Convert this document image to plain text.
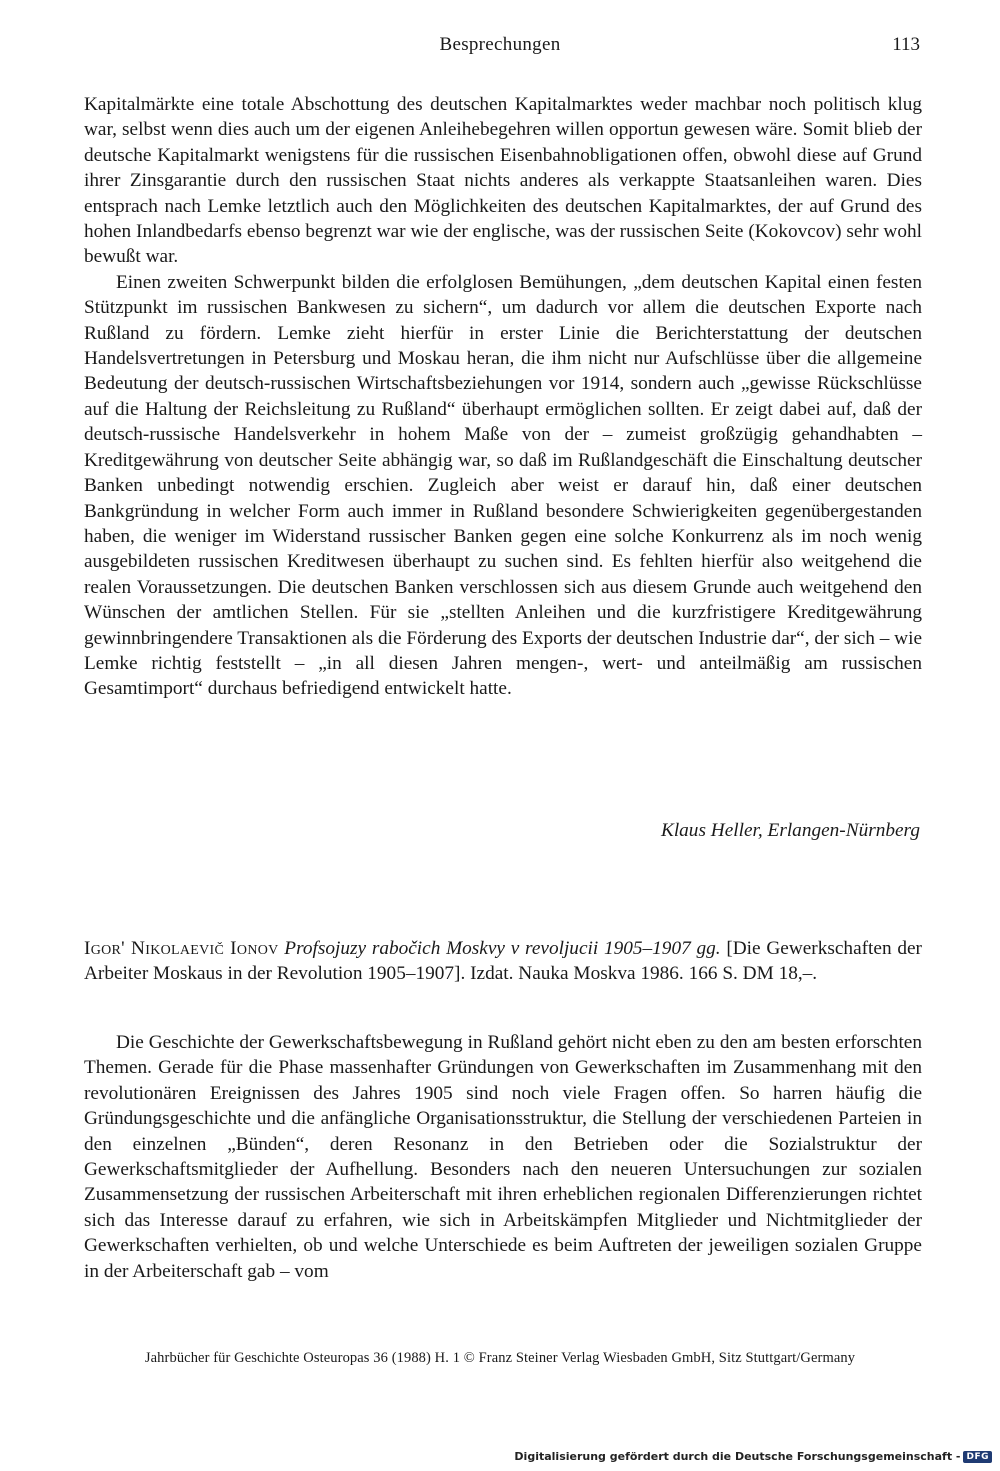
Besprechungen	113

Kapitalmärkte eine totale Abschottung des deutschen Kapitalmarktes weder machbar noch politisch klug war, selbst wenn dies auch um der eigenen Anleihebegehren willen opportun gewesen wäre. Somit blieb der deutsche Kapitalmarkt wenigstens für die russischen Eisenbahnobligationen offen, obwohl diese auf Grund ihrer Zinsgarantie durch den russischen Staat nichts anderes als verkappte Staatsanleihen waren. Dies entsprach nach Lemke letztlich auch den Möglichkeiten des deutschen Kapitalmarktes, der auf Grund des hohen Inlandbedarfs ebenso begrenzt war wie der englische, was der russischen Seite (Kokovcov) sehr wohl bewußt war.

Einen zweiten Schwerpunkt bilden die erfolglosen Bemühungen, „dem deutschen Kapital einen festen Stützpunkt im russischen Bankwesen zu sichern“, um dadurch vor allem die deutschen Exporte nach Rußland zu fördern. Lemke zieht hierfür in erster Linie die Berichterstattung der deutschen Handelsvertretungen in Petersburg und Moskau heran, die ihm nicht nur Aufschlüsse über die allgemeine Bedeutung der deutsch-russischen Wirtschaftsbeziehungen vor 1914, sondern auch „gewisse Rückschlüsse auf die Haltung der Reichsleitung zu Rußland“ überhaupt ermöglichen sollten. Er zeigt dabei auf, daß der deutsch-russische Handelsverkehr in hohem Maße von der – zumeist großzügig gehandhabten – Kreditgewährung von deutscher Seite abhängig war, so daß im Rußlandgeschäft die Einschaltung deutscher Banken unbedingt notwendig erschien. Zugleich aber weist er darauf hin, daß einer deutschen Bankgründung in welcher Form auch immer in Rußland besondere Schwierigkeiten gegenübergestanden haben, die weniger im Widerstand russischer Banken gegen eine solche Konkurrenz als im noch wenig ausgebildeten russischen Kreditwesen überhaupt zu suchen sind. Es fehlten hierfür also weitgehend die realen Voraussetzungen. Die deutschen Banken verschlossen sich aus diesem Grunde auch weitgehend den Wünschen der amtlichen Stellen. Für sie „stellten Anleihen und die kurzfristigere Kreditgewährung gewinnbringendere Transaktionen als die Förderung des Exports der deutschen Industrie dar“, der sich – wie Lemke richtig feststellt – „in all diesen Jahren mengen-, wert- und anteilmäßig am russischen Gesamtimport“ durchaus befriedigend entwickelt hatte.

Klaus Heller, Erlangen-Nürnberg
Igor' Nikolaevič Ionov Profsojuzy rabočich Moskvy v revoljucii 1905–1907 gg. [Die Gewerkschaften der Arbeiter Moskaus in der Revolution 1905–1907]. Izdat. Nauka Moskva 1986. 166 S. DM 18,–.

Die Geschichte der Gewerkschaftsbewegung in Rußland gehört nicht eben zu den am besten erforschten Themen. Gerade für die Phase massenhafter Gründungen von Gewerkschaften im Zusammenhang mit den revolutionären Ereignissen des Jahres 1905 sind noch viele Fragen offen. So harren häufig die Gründungsgeschichte und die anfängliche Organisationsstruktur, die Stellung der verschiedenen Parteien in den einzelnen „Bünden“, deren Resonanz in den Betrieben oder die Sozialstruktur der Gewerkschaftsmitglieder der Aufhellung. Besonders nach den neueren Untersuchungen zur sozialen Zusammensetzung der russischen Arbeiterschaft mit ihren erheblichen regionalen Differenzierungen richtet sich das Interesse darauf zu erfahren, wie sich in Arbeitskämpfen Mitglieder und Nichtmitglieder der Gewerkschaften verhielten, ob und welche Unterschiede es beim Auftreten der jeweiligen sozialen Gruppe in der Arbeiterschaft gab – vom

Jahrbücher für Geschichte Osteuropas 36 (1988) H. 1 © Franz Steiner Verlag Wiesbaden GmbH, Sitz Stuttgart/Germany
Digitalisierung gefördert durch die Deutsche Forschungsgemeinschaft - DFG
